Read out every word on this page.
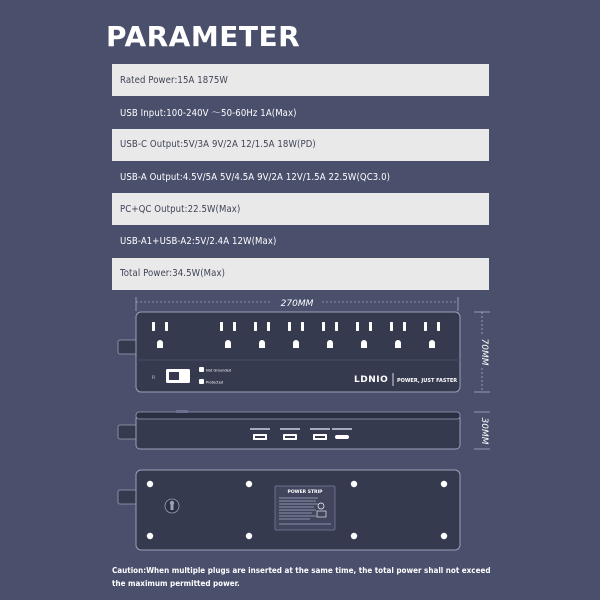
PARAMETER
Rated Power:15A 1875W
USB Input:100-240V ～50-60Hz 1A(Max)
USB-C Output:5V/3A 9V/2A 12/1.5A 18W(PD)
USB-A Output:4.5V/5A 5V/4.5A 9V/2A 12V/1.5A 22.5W(QC3.0)
PC+QC Output:22.5W(Max)
USB-A1+USB-A2:5V/2.4A 12W(Max)
Total Power:34.5W(Max)
270MM
R
Not Grounded
Protected	LDNIO POWER, JUST FASTER
70MM
30MM
POWER STRIP
Caution:When multiple plugs are inserted at the same time, the total power shall not exceed the maximum permitted power.
